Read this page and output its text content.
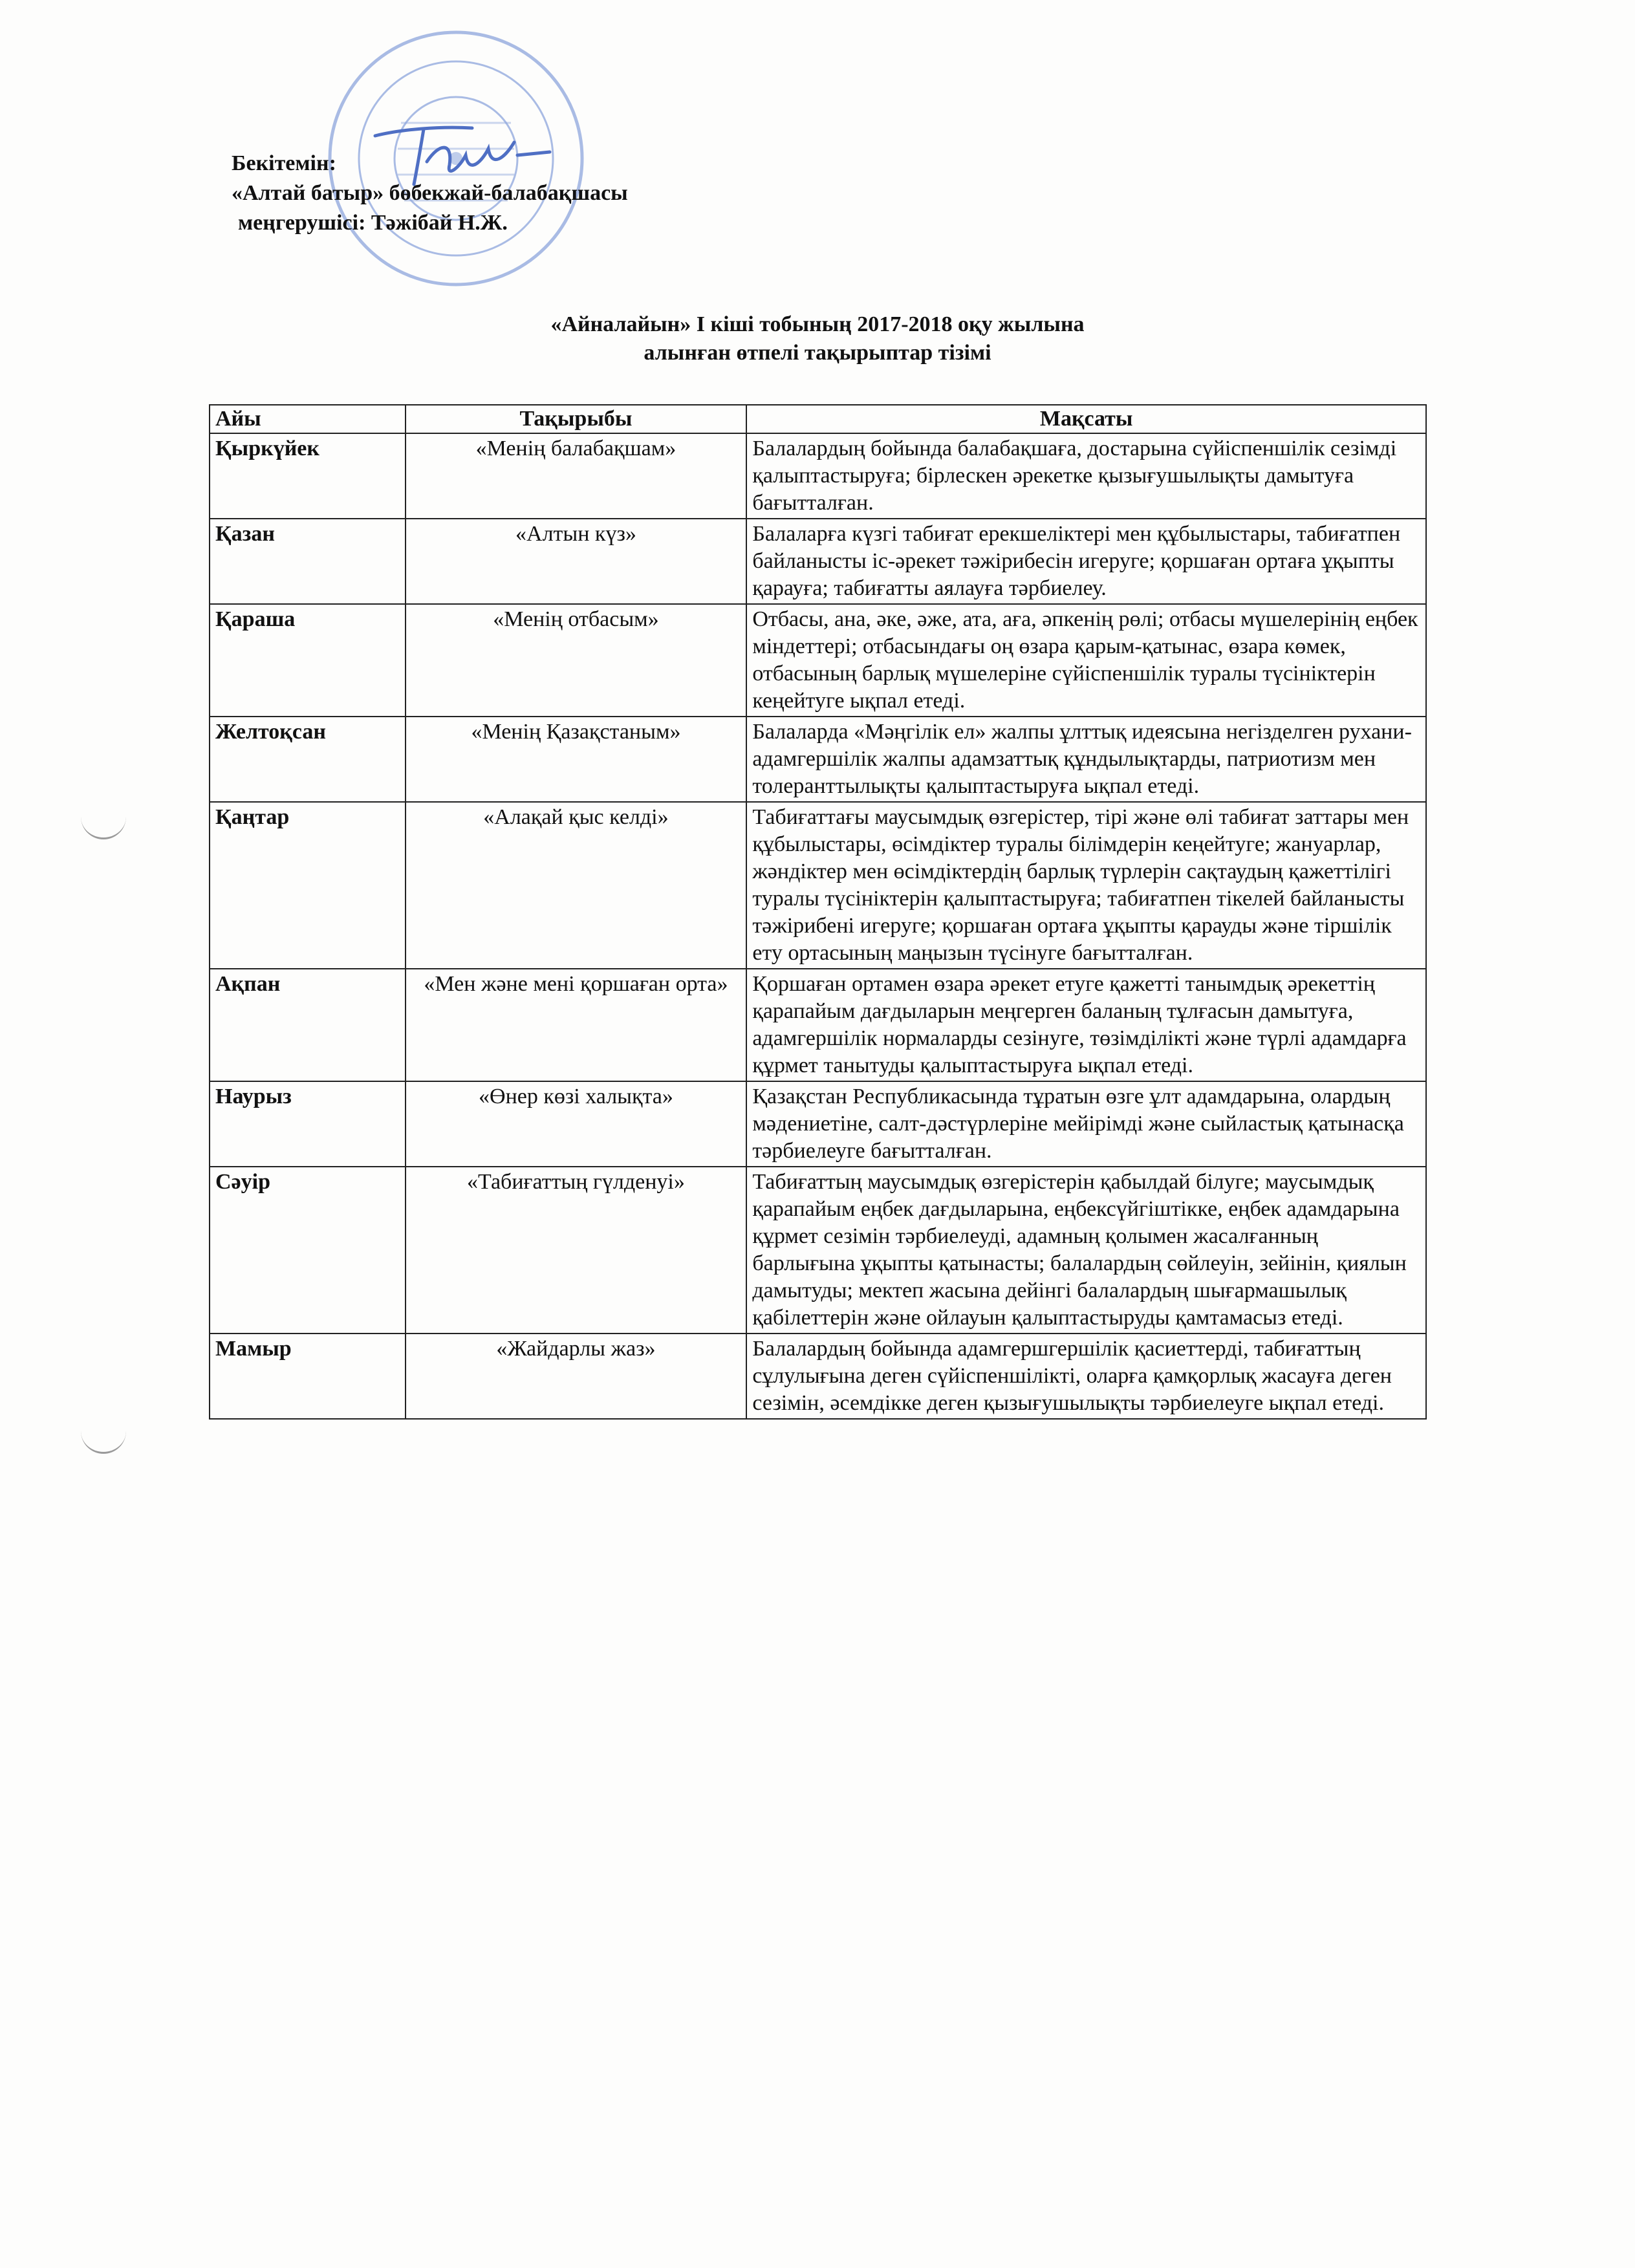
Бекітемін:
«Алтай батыр» бөбекжай-балабақшасы
меңгерушісі: Тәжібай Н.Ж.
«Айналайын» І кіші тобының 2017-2018 оқу жылына
алынған өтпелі тақырыптар тізімі
Айы	Тақырыбы	Мақсаты
Қыркүйек	«Менің балабақшам»	Балалардың бойында балабақшаға, достарына сүйіспеншілік сезімді қалыптастыруға; бірлескен әрекетке қызығушылықты дамытуға бағытталған.
Қазан	«Алтын күз»	Балаларға күзгі табиғат ерекшеліктері мен құбылыстары, табиғатпен байланысты іс-әрекет тәжірибесін игеруге; қоршаған ортаға ұқыпты қарауға; табиғатты аялауға тәрбиелеу.
Қараша	«Менің отбасым»	Отбасы, ана, әке, әже, ата, аға, әпкенің рөлі; отбасы мүшелерінің еңбек міндеттері; отбасындағы оң өзара қарым-қатынас, өзара көмек, отбасының барлық мүшелеріне сүйіспеншілік туралы түсініктерін кеңейтуге ықпал етеді.
Желтоқсан	«Менің Қазақстаным»	Балаларда «Мәңгілік ел» жалпы ұлттық идеясына негізделген рухани- адамгершілік жалпы адамзаттық құндылықтарды, патриотизм мен толеранттылықты қалыптастыруға ықпал етеді.
Қаңтар	«Алақай қыс келді»	Табиғаттағы маусымдық өзгерістер, тірі және өлі табиғат заттары мен құбылыстары, өсімдіктер туралы білімдерін кеңейтуге; жануарлар, жәндіктер мен өсімдіктердің барлық түрлерін сақтаудың қажеттілігі туралы түсініктерін қалыптастыруға; табиғатпен тікелей байланысты тәжірибені игеруге; қоршаған ортаға ұқыпты қарауды және тіршілік ету ортасының маңызын түсінуге бағытталған.
Ақпан	«Мен және мені қоршаған орта»	Қоршаған ортамен өзара әрекет етуге қажетті танымдық әрекеттің қарапайым дағдыларын меңгерген баланың тұлғасын дамытуға, адамгершілік нормаларды сезінуге, төзімділікті және түрлі адамдарға құрмет танытуды қалыптастыруға ықпал етеді.
Наурыз	«Өнер көзі халықта»	Қазақстан Республикасында тұратын өзге ұлт адамдарына, олардың мәдениетіне, салт-дәстүрлеріне мейірімді және сыйластық қатынасқа тәрбиелеуге бағытталған.
Сәуір	«Табиғаттың гүлденуі»	Табиғаттың маусымдық өзгерістерін қабылдай білуге; маусымдық қарапайым еңбек дағдыларына, еңбексүйгіштікке, еңбек адамдарына құрмет сезімін тәрбиелеуді, адамның қолымен жасалғанның барлығына ұқыпты қатынасты; балалардың сөйлеуін, зейінін, қиялын дамытуды; мектеп жасына дейінгі балалардың шығармашылық қабілеттерін және ойлауын қалыптастыруды қамтамасыз етеді.
Мамыр	«Жайдарлы жаз»	Балалардың бойында адамгершгершілік қасиеттерді, табиғаттың сұлулығына деген сүйіспеншілікті, оларға қамқорлық жасауға деген сезімін, әсемдікке деген қызығушылықты тәрбиелеуге ықпал етеді.
